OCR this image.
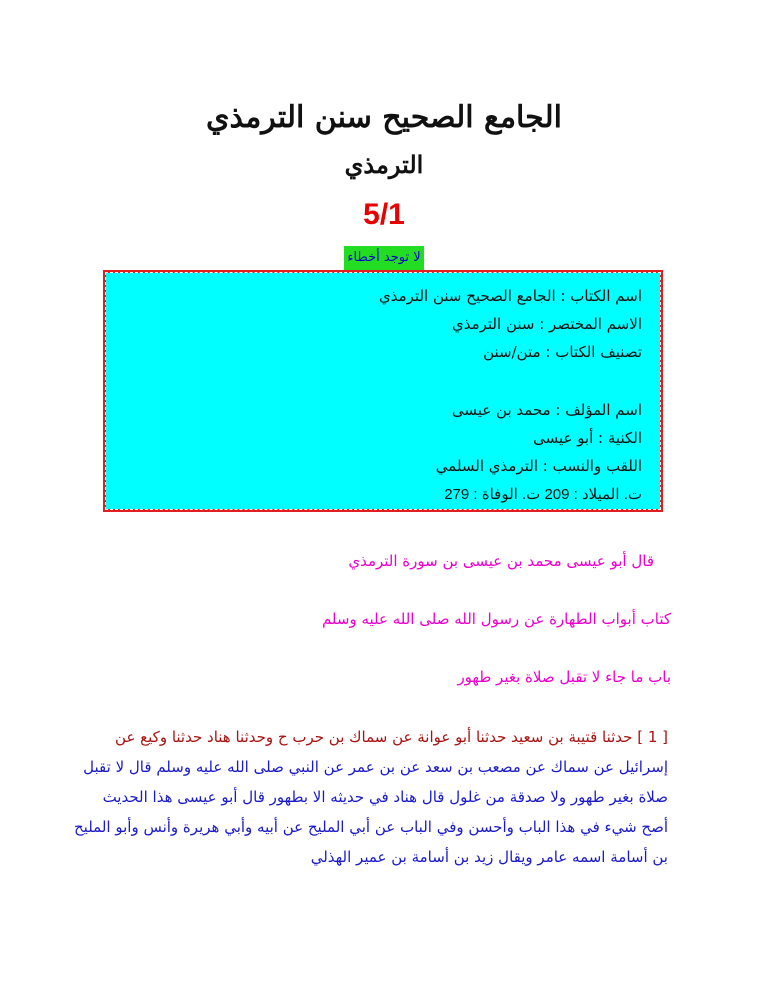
الجامع الصحيح سنن الترمذي
الترمذي
5/1
لا توجد أخطاء
اسم الكتاب : الجامع الصحيح سنن الترمذي
الاسم المختصر : سنن الترمذي
تصنيف الكتاب : متن/سنن
اسم المؤلف : محمد بن عيسى
الكنية : أبو عيسى
اللقب والنسب : الترمذي السلمي
ت. الميلاد : 209 ت. الوفاة : 279
قال أبو عيسى محمد بن عيسى بن سورة الترمذي
كتاب أبواب الطهارة عن رسول الله صلى الله عليه وسلم
باب ما جاء لا تقبل صلاة بغير طهور
[ 1 ] حدثنا قتيبة بن سعيد حدثنا أبو عوانة عن سماك بن حرب ح وحدثنا هناد حدثنا وكيع عن
إسرائيل عن سماك عن مصعب بن سعد عن بن عمر عن النبي صلى الله عليه وسلم قال لا تقبل
صلاة بغير طهور ولا صدقة من غلول قال هناد في حديثه الا بطهور قال أبو عيسى هذا الحديث
أصح شيء في هذا الباب وأحسن وفي الباب عن أبي المليح عن أبيه وأبي هريرة وأنس وأبو المليح
بن أسامة اسمه عامر ويقال زيد بن أسامة بن عمير الهذلي
